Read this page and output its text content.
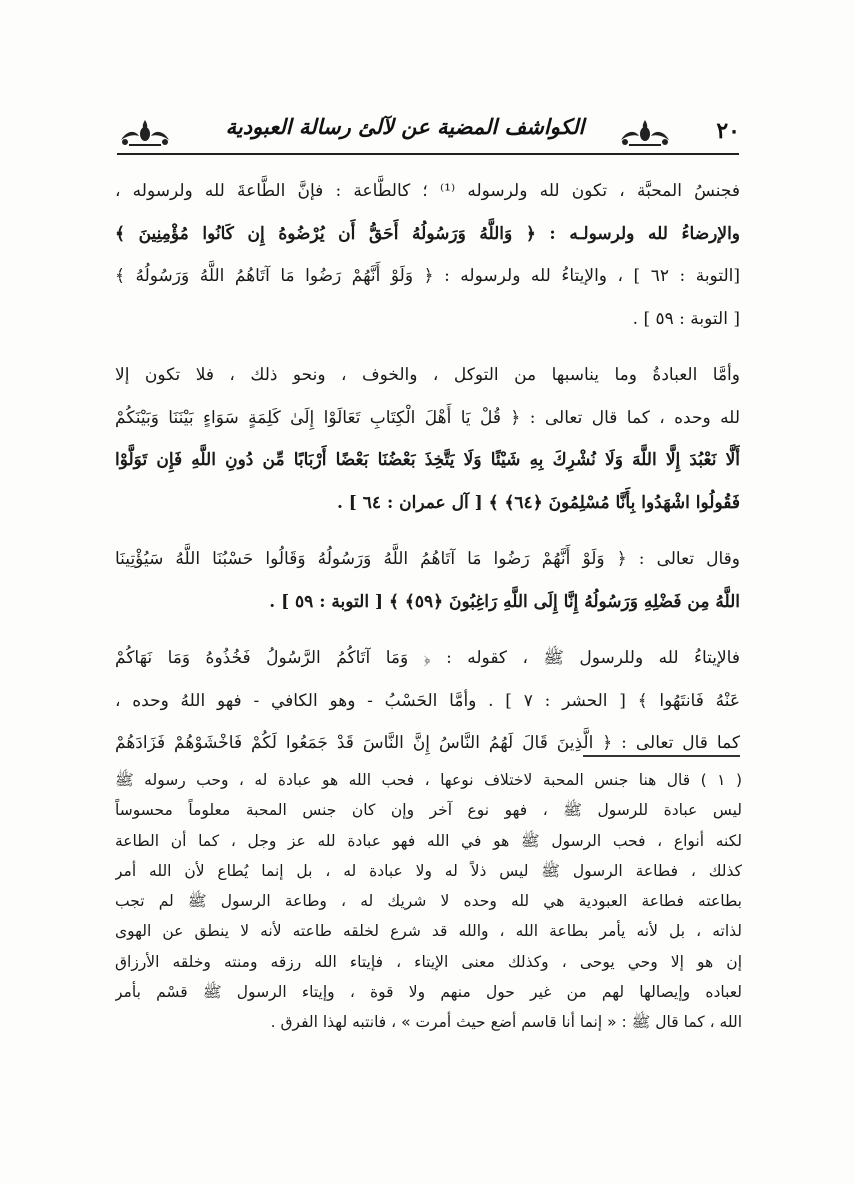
الكواشف المضية عن لآلئ رسالة العبودية	٢٠
فجنسُ المحبَّة ، تكون لله ولرسوله ⁽¹⁾ ؛ كالطَّاعة : فإنَّ الطَّاعةَ لله ولرسوله ،
والإرضاءُ لله ولرسولـه : ﴿ وَاللَّهُ وَرَسُولُهُ أَحَقُّ أَن يُرْضُوهُ إِن كَانُوا مُؤْمِنِينَ ﴾
[التوبة : ٦٢ ] ، والإيتاءُ لله ولرسوله : ﴿ وَلَوْ أَنَّهُمْ رَضُوا مَا آتَاهُمُ اللَّهُ وَرَسُولُهُ ﴾
[ التوبة : ٥٩ ] .
وأمَّا العبادةُ وما يناسبها من التوكل ، والخوف ، ونحو ذلك ، فلا تكون إلا
لله وحده ، كما قال تعالى : ﴿ قُلْ يَا أَهْلَ الْكِتَابِ تَعَالَوْا إِلَىٰ كَلِمَةٍ سَوَاءٍ بَيْنَنَا وَبَيْنَكُمْ
أَلَّا نَعْبُدَ إِلَّا اللَّهَ وَلَا نُشْرِكَ بِهِ شَيْئًا وَلَا يَتَّخِذَ بَعْضُنَا بَعْضًا أَرْبَابًا مِّن دُونِ اللَّهِ فَإِن تَوَلَّوْا
فَقُولُوا اشْهَدُوا بِأَنَّا مُسْلِمُونَ ﴿٦٤﴾ ﴾ [ آل عمران : ٦٤ ] .
وقال تعالى : ﴿ وَلَوْ أَنَّهُمْ رَضُوا مَا آتَاهُمُ اللَّهُ وَرَسُولُهُ وَقَالُوا حَسْبُنَا اللَّهُ سَيُؤْتِينَا
اللَّهُ مِن فَضْلِهِ وَرَسُولُهُ إِنَّا إِلَى اللَّهِ رَاغِبُونَ ﴿٥٩﴾ ﴾ [ التوبة : ٥٩ ] .
فالإيتاءُ لله وللرسول ﷺ ، كقوله : ﴿ وَمَا آتَاكُمُ الرَّسُولُ فَخُذُوهُ وَمَا نَهَاكُمْ
عَنْهُ فَانتَهُوا ﴾ [ الحشر : ٧ ] . وأمَّا الحَسْبُ - وهو الكافي - فهو اللهُ وحده ،
كما قال تعالى : ﴿ الَّذِينَ قَالَ لَهُمُ النَّاسُ إِنَّ النَّاسَ قَدْ جَمَعُوا لَكُمْ فَاخْشَوْهُمْ فَزَادَهُمْ
( ١ ) قال هنا جنس المحبة لاختلاف نوعها ، فحب الله هو عبادة له ، وحب رسوله ﷺ
ليس عبادة للرسول ﷺ ، فهو نوع آخر وإن كان جنس المحبة معلوماً محسوساً
لكنه أنواع ، فحب الرسول ﷺ هو في الله فهو عبادة لله عز وجل ، كما أن الطاعة
كذلك ، فطاعة الرسول ﷺ ليس ذلاً له ولا عبادة له ، بل إنما يُطاع لأن الله أمر
بطاعته فطاعة العبودية هي لله وحده لا شريك له ، وطاعة الرسول ﷺ لم تجب
لذاته ، بل لأنه يأمر بطاعة الله ، والله قد شرع لخلقه طاعته لأنه لا ينطق عن الهوى
إن هو إلا وحي يوحى ، وكذلك معنى الإيتاء ، فإيتاء الله رزقه ومنته وخلقه الأرزاق
لعباده وإيصالها لهم من غير حول منهم ولا قوة ، وإيتاء الرسول ﷺ قسْم بأمر
الله ، كما قال ﷺ : « إنما أنا قاسم أضع حيث أمرت » ، فانتبه لهذا الفرق .
